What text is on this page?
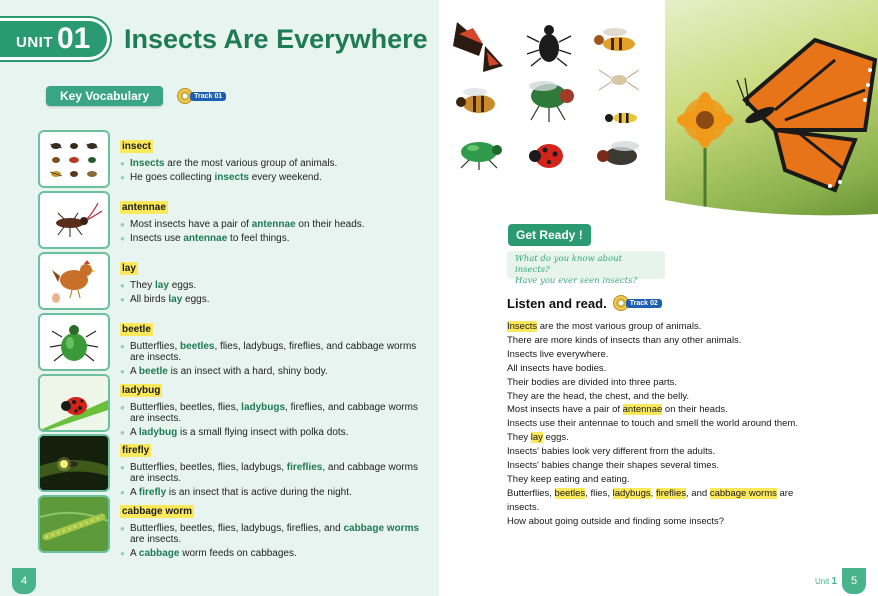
UNIT 01 Insects Are Everywhere
Key Vocabulary	Track 01
insect
● Insects are the most various group of animals.
● He goes collecting insects every weekend.
antennae
● Most insects have a pair of antennae on their heads.
● Insects use antennae to feel things.
lay
● They lay eggs.
● All birds lay eggs.
beetle
● Butterflies, beetles, flies, ladybugs, fireflies, and cabbage worms are insects.
● A beetle is an insect with a hard, shiny body.
ladybug
● Butterflies, beetles, flies, ladybugs, fireflies, and cabbage worms are insects.
● A ladybug is a small flying insect with polka dots.
firefly
● Butterflies, beetles, flies, ladybugs, fireflies, and cabbage worms are insects.
● A firefly is an insect that is active during the night.
cabbage worm
● Butterflies, beetles, flies, ladybugs, fireflies, and cabbage worms are insects.
● A cabbage worm feeds on cabbages.
4
Get Ready !
What do you know about insects?
Have you ever seen insects?
Listen and read.	Track 02

Insects are the most various group of animals.

There are more kinds of insects than any other animals.

Insects live everywhere.

All insects have bodies.

Their bodies are divided into three parts.

They are the head, the chest, and the belly.

Most insects have a pair of antennae on their heads.

Insects use their antennae to touch and smell the world around them.

They lay eggs.

Insects' babies look very different from the adults.

Insects' babies change their shapes several times.

They keep eating and eating.

Butterflies, beetles, flies, ladybugs, fireflies, and cabbage worms are insects.

How about going outside and finding some insects?

Unit 1	5
